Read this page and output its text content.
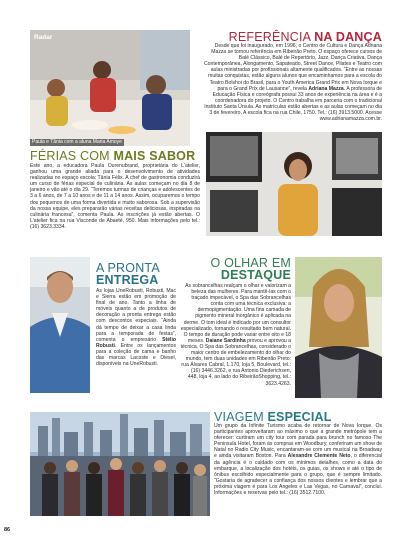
Radar
Paula e Tânia com a aluna Maria Amoye
REFERÊNCIA NA DANÇA
Desde que foi inaugurado, em 1996, o Centro de Cultura e Dança Adriana Mazza se tornou referência em Ribeirão Preto. O espaço oferece cursos de Balé Clássico, Balé de Repertório, Jazz, Dança Criativa, Dança Contemporânea, Alongamento, Sapateado, Street Dance, Pilates e Teatro com aulas ministradas por profissionais altamente qualificados. “Entre as nossas muitas conquistas, estão alguns alunos que encaminhamos para a escola do Teatro Bolshoi do Brasil, para o Youth America Grand Prix em Nova Iorque e para o Grand Prix de Lausanne”, revela Adriana Mazza. A professora de Educação Física e coreógrafa possui 33 anos de experiência na área e é a coordenadora do projeto. O Centro trabalha em parceria com o tradicional Instituto Santa Úrsula. As matrículas estão abertas e as aulas começam no dia 3 de fevereiro. A escola fica na rua Chile, 1750. Tel.: (16) 3913.5000. Acesse www.adrianamazza.com.br.
FÉRIAS COM MAIS SABOR
Este ano, a educadora Paula Ourenubrand, proprietária do L'atelier, ganhou uma grande aliada para o desenvolvimento de atividades realizadas no espaço escola: Tânia Félix. A chef de gastronomia conduzirá um curso de férias especial de culinária. As aulas começam no dia 8 de janeiro e vão até o dia 29. “Teremos turmas de crianças e adolescentes de 3 a 6 anos, de 7 a 10 anos e de 11 a 14 anos. Assim, ocuparemos o tempo dos pequenos de uma forma divertida e muito saborosa. Sob a supervisão da nossa equipe, eles prepararão várias receitas deliciosas, inspiradas na culinária francesa”, comenta Paula. As inscrições já estão abertas. O L'atelier fica na rua Visconde de Abaeté, 950. Mais informações pelo tel.: (16) 3623.3334.
A PRONTA
ENTREGA
As lojas UneRobusti, Robusti, Mac e Sierra estão em promoção de final de ano. Tanto a linha de móveis quanto a de produtos de decoração a pronta entrega estão com descontos especiais. “Ainda dá tempo de deixar a casa linda para a temporada de festas”, comenta o empresário Stélio Robusti. Entre os lançamentos para a coleção de cama e banho das marcas Lacoste e Diesel, disponíveis na UneRobusti.
O OLHAR EM
DESTAQUE
As sobrancelhas realçam o olhar e valorizam a beleza das mulheres. Para mantê-las com o traçado impecável, o Spa das Sobrancelhas conta com uma técnica exclusiva: a dermopigmentação. Uma fina camada de pigmento mineral inorgânico é aplicada na derme. O tom ideal é indicado por um consultor especializado, tornando o resultado bem natural. O tempo de duração pode variar entre oito e 18 meses. Daiane Sardinha provou e aprovou a técnica. O Spa das Sobrancelhas, considerado o maior centro de embelezamento do olhar do mundo, tem duas unidades em Ribeirão Preto: rua Álvares Cabral, 1.170, loja 5, Boulevard, tel.: (16) 3446.3262, e rua Antonio Diederichsen, 448, loja 4, ao lado do RibeirãoShopping, tel.: 3623.4263.
VIAGEM ESPECIAL
Um grupo da Infinite Turismo acaba de retornar de Nova Iorque. Os participantes aproveitaram ao máximo o que a grande metrópole tem a oferecer: curtiram um city tour com parada para brunch no famoso The Peninsula Hotel, foram às compras em Woodbury, conferiram um show de Natal no Radio City Music, encantaram-se com um musical na Broadway e ainda visitaram Boston. Para Alexandre Clemente Neto, o diferencial da agência é o cuidado com os mínimos detalhes, como a data do embarque, a localização dos hotéis, os guias, os shows e até o tipo de ônibus escolhido especialmente para o grupo, que é sempre limitado. “Gostaria de agradecer a confiança dos nossos clientes e lembrar que a próxima viagem é para Los Angeles e Las Vegas, no Carnaval”, conclui. Informações e reservas pelo tel.: (16) 3512.7100.
86
